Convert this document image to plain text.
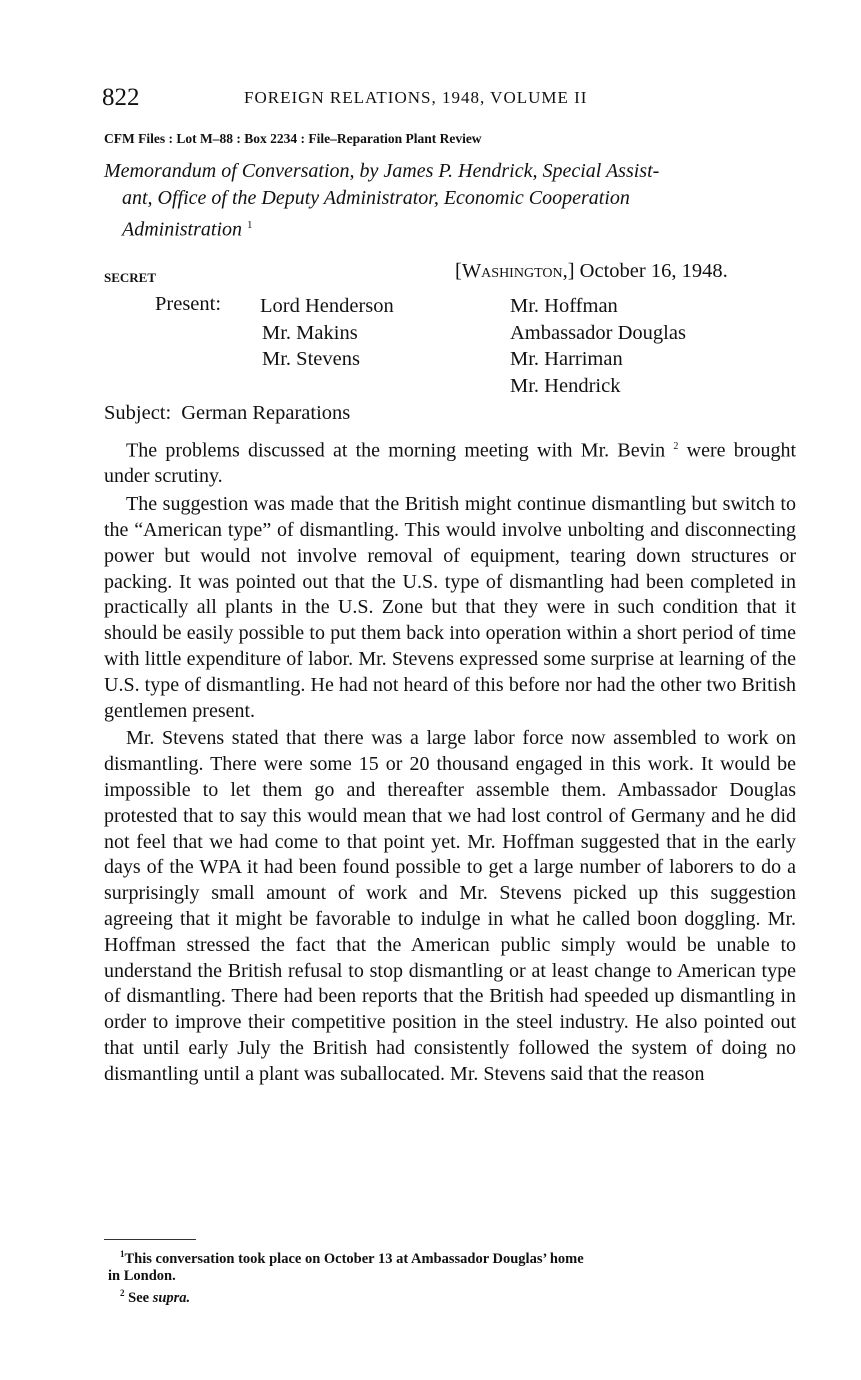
822	FOREIGN RELATIONS, 1948, VOLUME II
CFM Files : Lot M–88 : Box 2234 : File–Reparation Plant Review
Memorandum of Conversation, by James P. Hendrick, Special Assist-
ant, Office of the Deputy Administrator, Economic Cooperation
Administration $^1$
SECRET	[Washington,] October 16, 1948.
Present: Lord Henderson
Mr. Makins
Mr. Stevens
Mr. Hoffman
Ambassador Douglas
Mr. Harriman
Mr. Hendrick
Subject: German Reparations

The problems discussed at the morning meeting with Mr. Bevin $^2$ were brought under scrutiny.

The suggestion was made that the British might continue dismantling but switch to the “American type” of dismantling. This would involve unbolting and disconnecting power but would not involve removal of equipment, tearing down structures or packing. It was pointed out that the U.S. type of dismantling had been completed in practically all plants in the U.S. Zone but that they were in such condition that it should be easily possible to put them back into operation within a short period of time with little expenditure of labor. Mr. Stevens expressed some surprise at learning of the U.S. type of dismantling. He had not heard of this before nor had the other two British gentlemen present.

Mr. Stevens stated that there was a large labor force now assembled to work on dismantling. There were some 15 or 20 thousand engaged in this work. It would be impossible to let them go and thereafter assemble them. Ambassador Douglas protested that to say this would mean that we had lost control of Germany and he did not feel that we had come to that point yet. Mr. Hoffman suggested that in the early days of the WPA it had been found possible to get a large number of laborers to do a surprisingly small amount of work and Mr. Stevens picked up this suggestion agreeing that it might be favorable to indulge in what he called boon doggling. Mr. Hoffman stressed the fact that the American public simply would be unable to understand the British refusal to stop dismantling or at least change to American type of dismantling. There had been reports that the British had speeded up dismantling in order to improve their competitive position in the steel industry. He also pointed out that until early July the British had consistently followed the system of doing no dismantling until a plant was suballocated. Mr. Stevens said that the reason

$^1$This conversation took place on October 13 at Ambassador Douglas’ home
in London.
$^2$ See supra.
